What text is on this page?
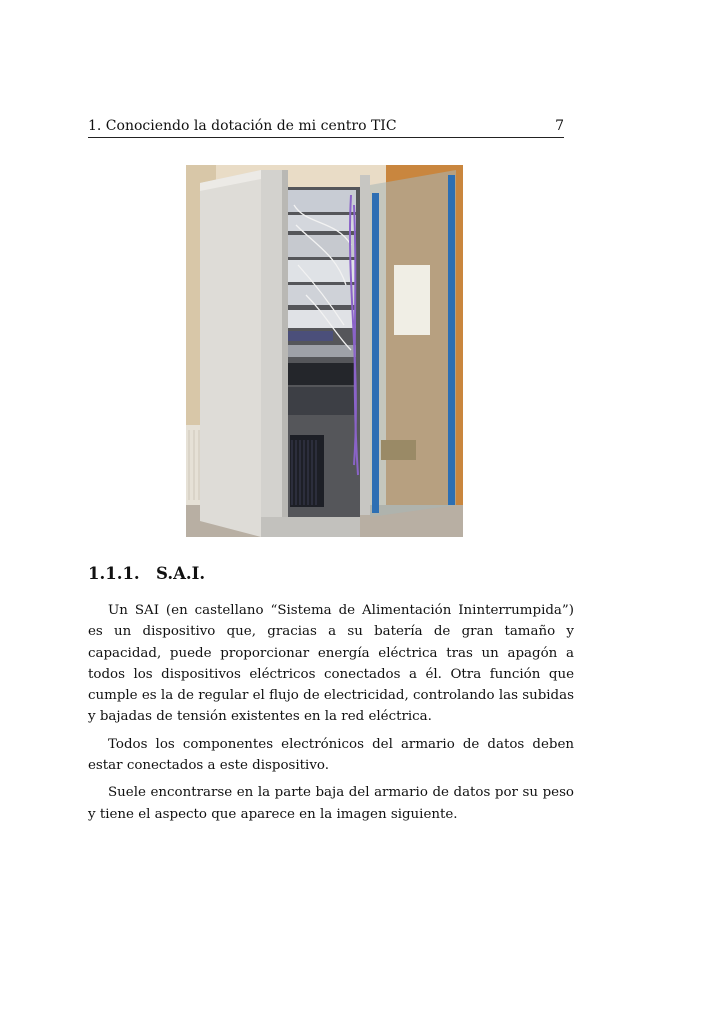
1. Conociendo la dotación de mi centro TIC	7
1.1.1. S.A.I.

Un SAI (en castellano “Sistema de Alimentación Ininterrumpida”) es un dispositivo que, gracias a su batería de gran tamaño y capacidad, puede proporcionar energía eléctrica tras un apagón a todos los dispositivos eléctricos conectados a él. Otra función que cumple es la de regular el flujo de electricidad, controlando las subidas y bajadas de tensión existentes en la red eléctrica.

Todos los componentes electrónicos del armario de datos deben estar conectados a este dispositivo.

Suele encontrarse en la parte baja del armario de datos por su peso y tiene el aspecto que aparece en la imagen siguiente.
